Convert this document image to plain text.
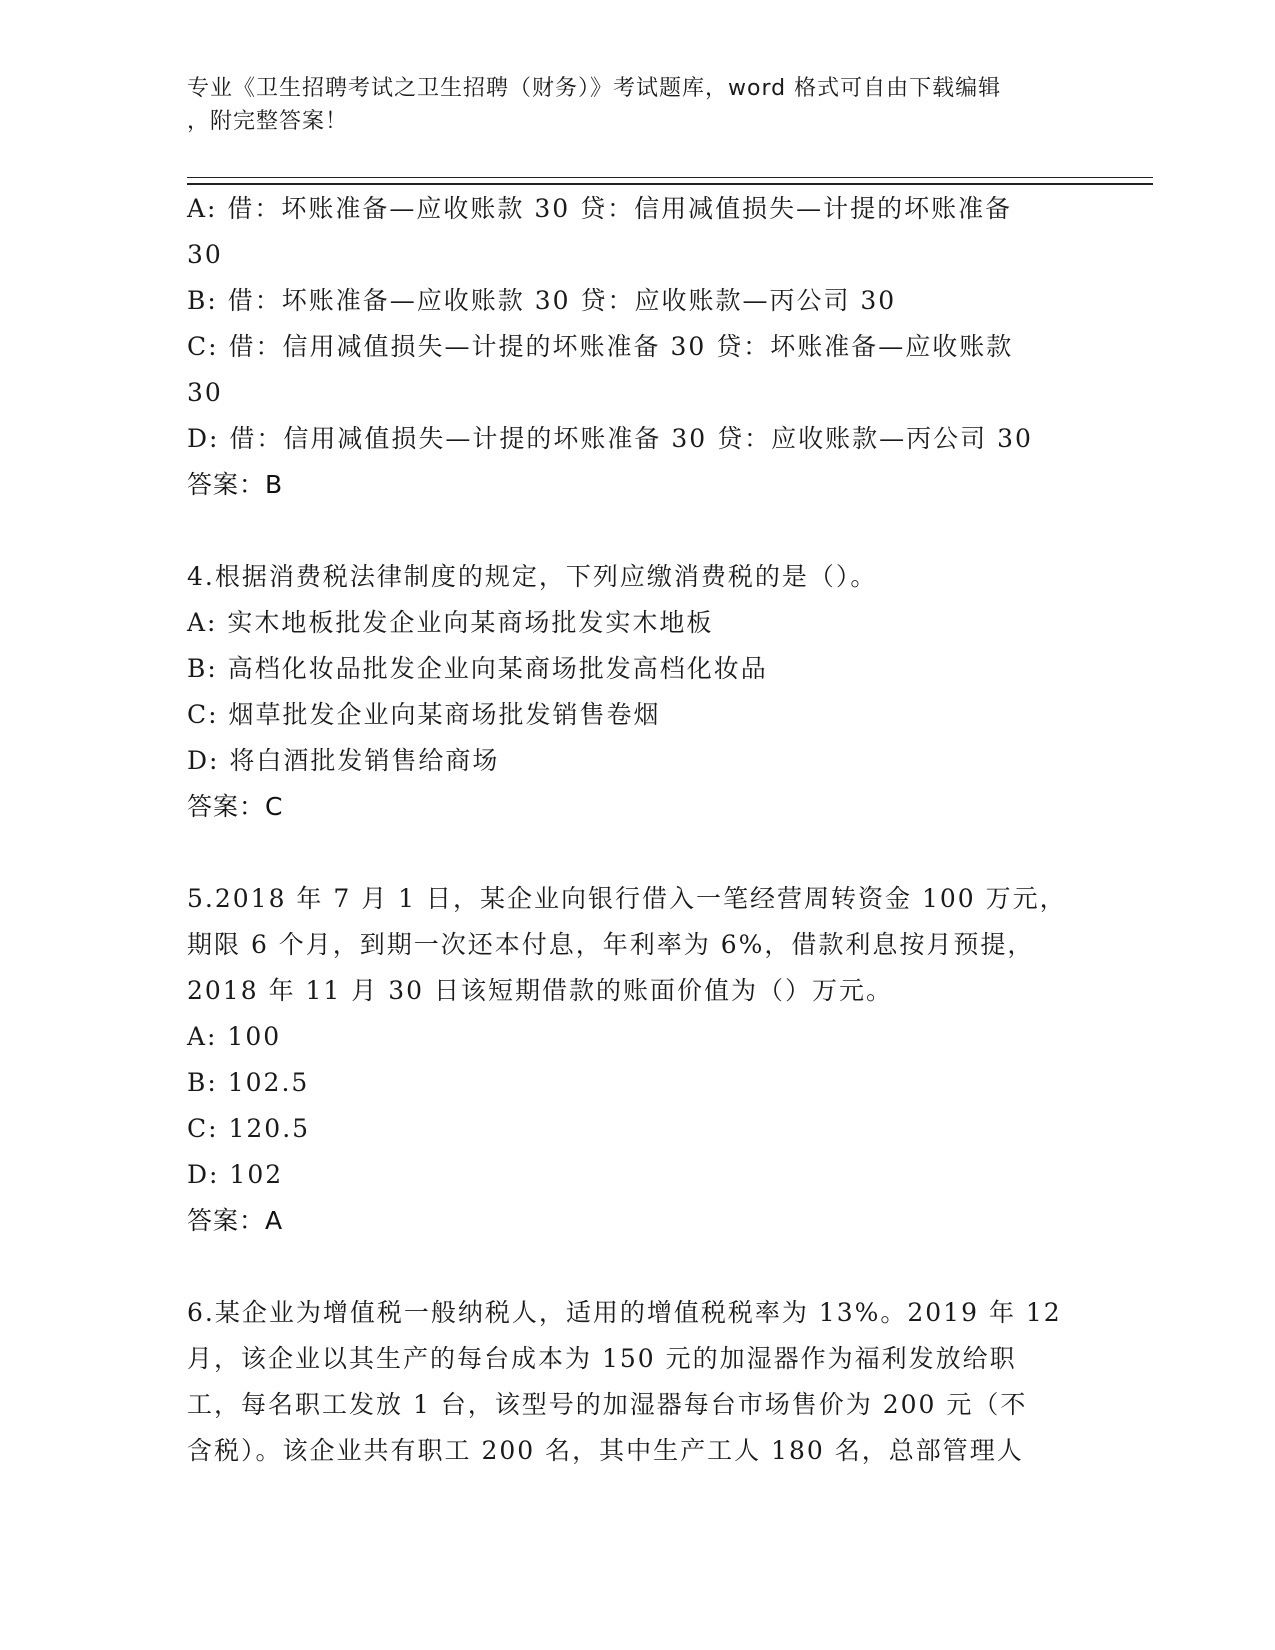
专业《卫生招聘考试之卫生招聘（财务）》考试题库，word 格式可自由下载编辑
，附完整答案！
A: 借：坏账准备—应收账款 30 贷：信用减值损失—计提的坏账准备
30
B: 借：坏账准备—应收账款 30 贷：应收账款—丙公司 30
C: 借：信用减值损失—计提的坏账准备 30 贷：坏账准备—应收账款
30
D: 借：信用减值损失—计提的坏账准备 30 贷：应收账款—丙公司 30
答案：B
4.根据消费税法律制度的规定，下列应缴消费税的是（）。
A: 实木地板批发企业向某商场批发实木地板
B: 高档化妆品批发企业向某商场批发高档化妆品
C: 烟草批发企业向某商场批发销售卷烟
D: 将白酒批发销售给商场
答案：C
5.2018 年 7 月 1 日，某企业向银行借入一笔经营周转资金 100 万元，
期限 6 个月，到期一次还本付息，年利率为 6%，借款利息按月预提，
2018 年 11 月 30 日该短期借款的账面价值为（）万元。
A: 100
B: 102.5
C: 120.5
D: 102
答案：A
6.某企业为增值税一般纳税人，适用的增值税税率为 13%。2019 年 12
月，该企业以其生产的每台成本为 150 元的加湿器作为福利发放给职
工，每名职工发放 1 台，该型号的加湿器每台市场售价为 200 元（不
含税）。该企业共有职工 200 名，其中生产工人 180 名，总部管理人
